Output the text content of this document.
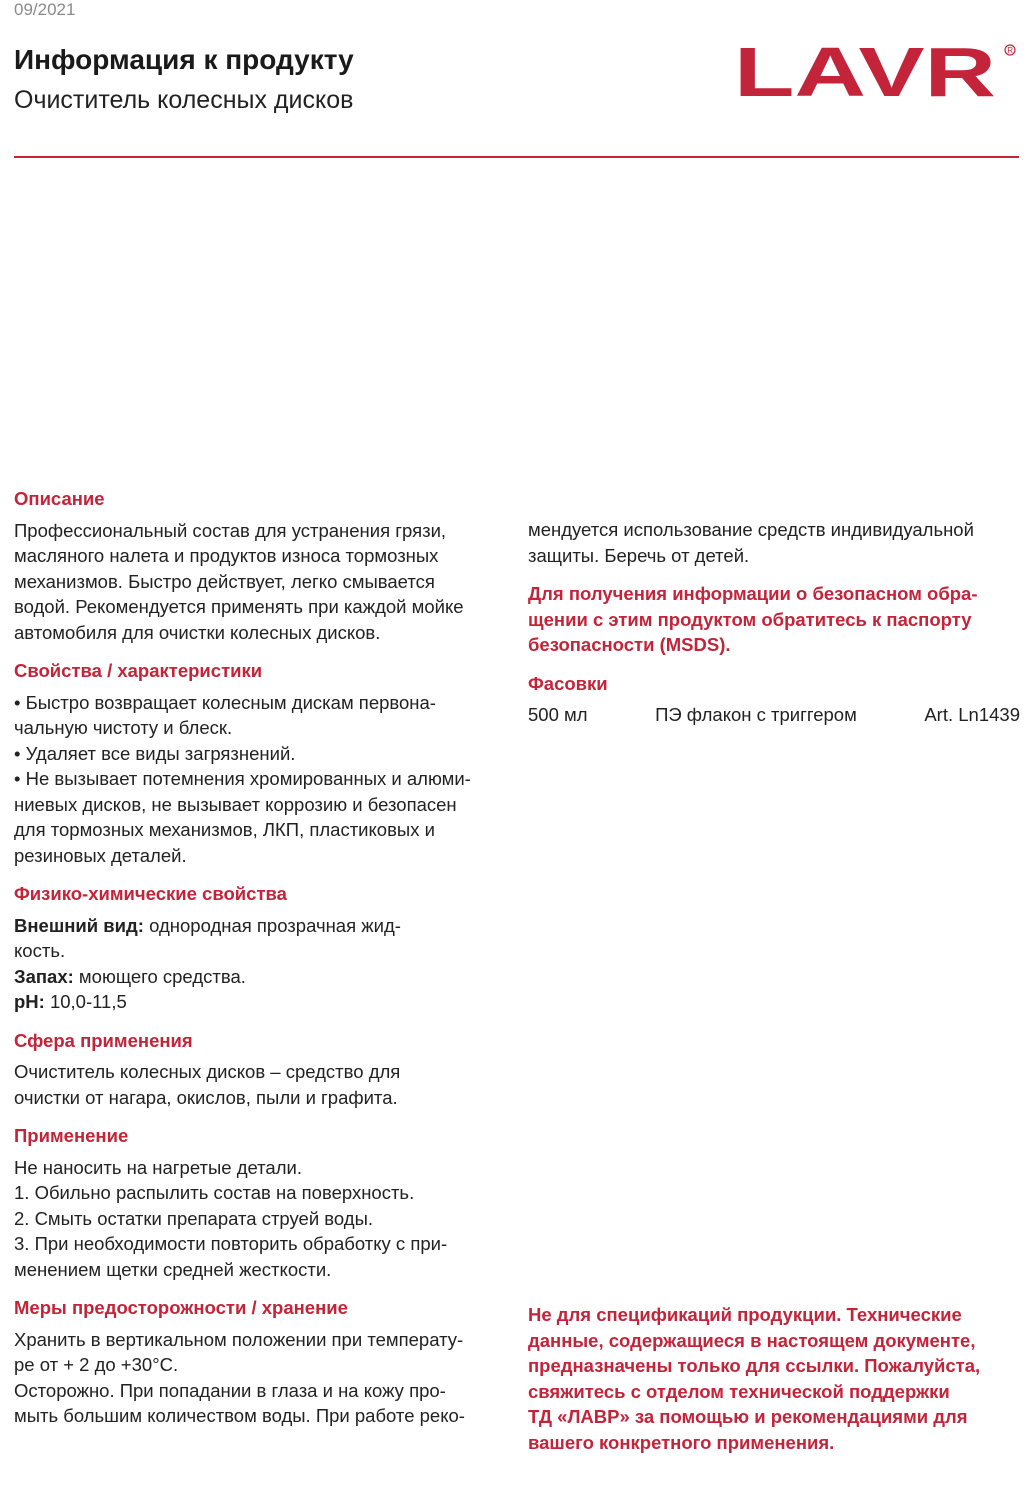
09/2021
Информация к продукту
Очиститель колесных дисков	LAVR R
Описание

Профессиональный состав для устранения грязи,
масляного налета и продуктов износа тормозных
механизмов. Быстро действует, легко смывается
водой. Рекомендуется применять при каждой мойке
автомобиля для очистки колесных дисков.

Свойства / характеристики

• Быстро возвращает колесным дискам первона-
чальную чистоту и блеск.
• Удаляет все виды загрязнений.
• Не вызывает потемнения хромированных и алюми-
ниевых дисков, не вызывает коррозию и безопасен
для тормозных механизмов, ЛКП, пластиковых и
резиновых деталей.

Физико-химические свойства

Внешний вид: однородная прозрачная жид-
кость.

Запах: моющего средства.

pH: 10,0-11,5

Сфера применения

Очиститель колесных дисков – средство для
очистки от нагара, окислов, пыли и графита.

Применение

Не наносить на нагретые детали.
1. Обильно распылить состав на поверхность.
2. Смыть остатки препарата струей воды.
3. При необходимости повторить обработку с при-
менением щетки средней жесткости.

Меры предосторожности / хранение

Хранить в вертикальном положении при температу-
ре от + 2 до +30°С.
Осторожно. При попадании в глаза и на кожу про-
мыть большим количеством воды. При работе реко-

мендуется использование средств индивидуальной
защиты. Беречь от детей.

Для получения информации о безопасном обра-
щении с этим продуктом обратитесь к паспорту
безопасности (MSDS).

Фасовки
500 мл	ПЭ флакон с триггером	Art. Ln1439

Не для спецификаций продукции. Технические
данные, содержащиеся в настоящем документе,
предназначены только для ссылки. Пожалуйста,
свяжитесь с отделом технической поддержки
ТД «ЛАВР» за помощью и рекомендациями для
вашего конкретного применения.
